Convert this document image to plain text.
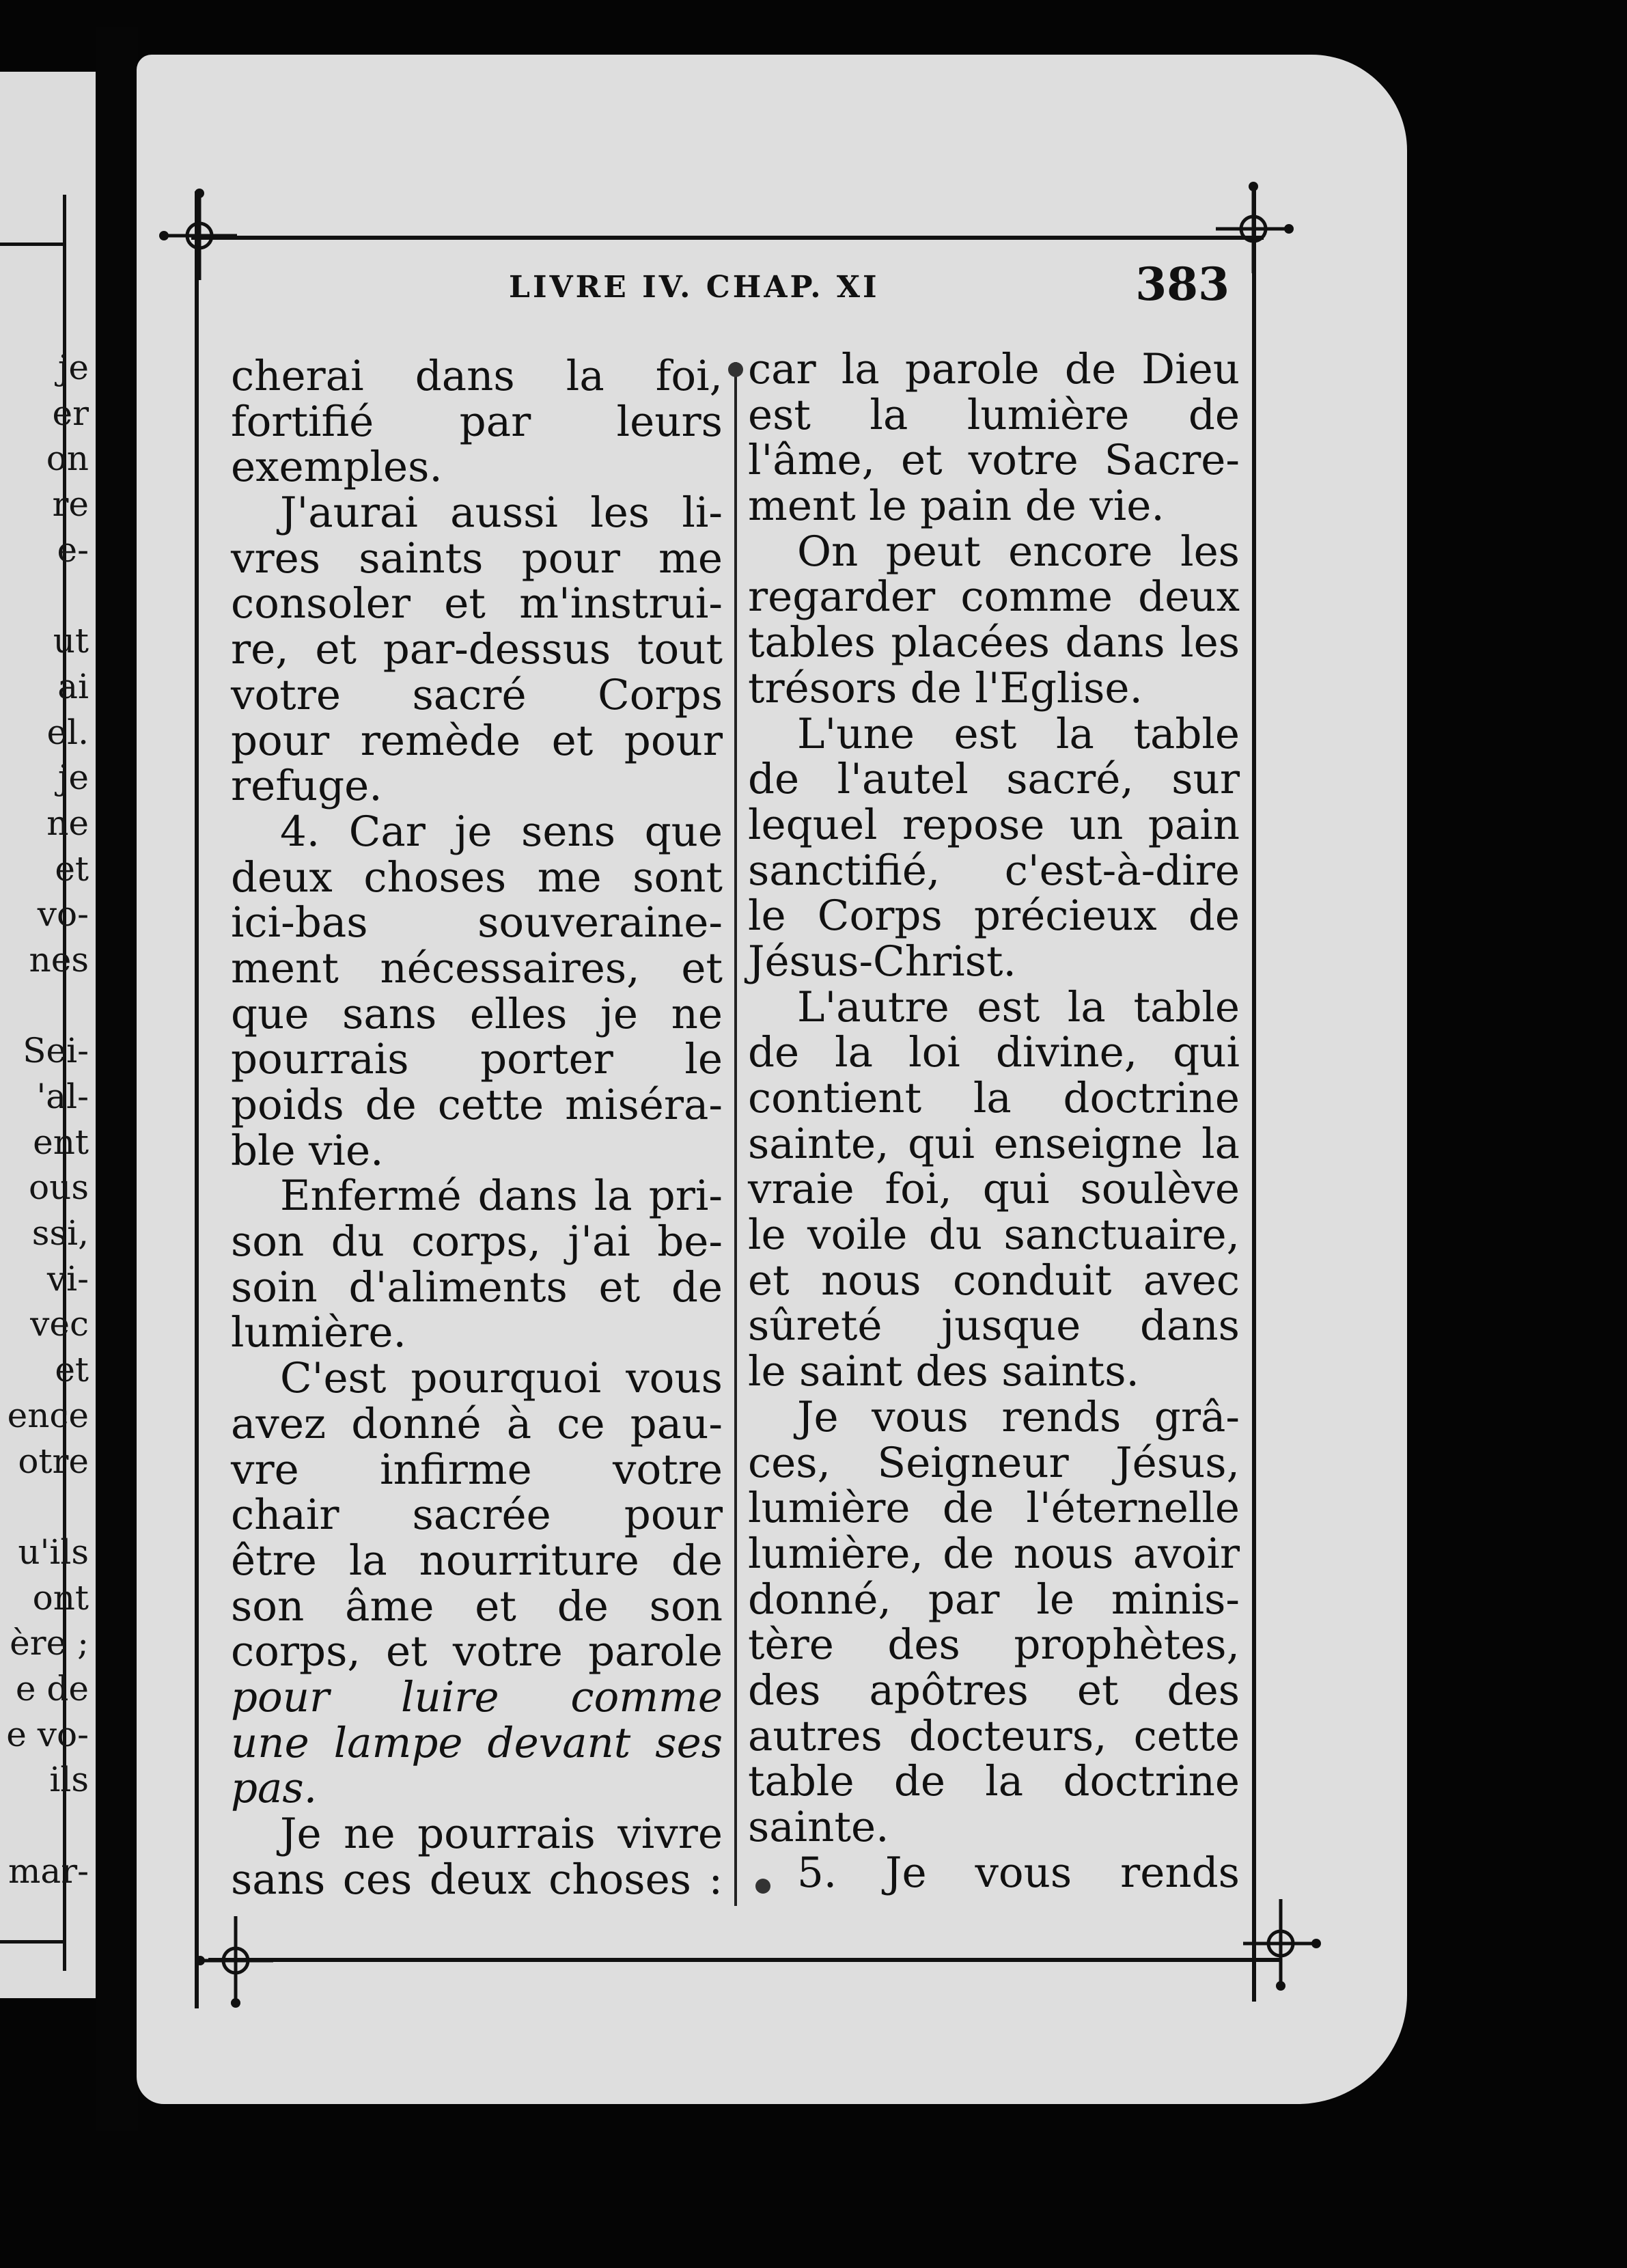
je
er
on
re
e-
ut
ai
el.
je
ne
et
vo-
nes
Sei-
'al-
ent
ous
ssi,
vi-
vec
et
ence
otre
u'ils
ont
ère ;
e de
e vo-
ils
mar-
LIVRE IV. CHAP. XI	383
cherai dans la foi,
fortifié par leurs
exemples.
J'aurai aussi les li-
vres saints pour me
consoler et m'instrui-
re, et par-dessus tout
votre sacré Corps
pour remède et pour
refuge.
4. Car je sens que
deux choses me sont
ici-bas souveraine-
ment nécessaires, et
que sans elles je ne
pourrais porter le
poids de cette miséra-
ble vie.
Enfermé dans la pri-
son du corps, j'ai be-
soin d'aliments et de
lumière.
C'est pourquoi vous
avez donné à ce pau-
vre infirme votre
chair sacrée pour
être la nourriture de
son âme et de son
corps, et votre parole
pour luire comme
une lampe devant ses
pas.
Je ne pourrais vivre
sans ces deux choses :
car la parole de Dieu
est la lumière de
l'âme, et votre Sacre-
ment le pain de vie.
On peut encore les
regarder comme deux
tables placées dans les
trésors de l'Eglise.
L'une est la table
de l'autel sacré, sur
lequel repose un pain
sanctifié, c'est-à-dire
le Corps précieux de
Jésus-Christ.
L'autre est la table
de la loi divine, qui
contient la doctrine
sainte, qui enseigne la
vraie foi, qui soulève
le voile du sanctuaire,
et nous conduit avec
sûreté jusque dans
le saint des saints.
Je vous rends grâ-
ces, Seigneur Jésus,
lumière de l'éternelle
lumière, de nous avoir
donné, par le minis-
tère des prophètes,
des apôtres et des
autres docteurs, cette
table de la doctrine
sainte.
5. Je vous rends
